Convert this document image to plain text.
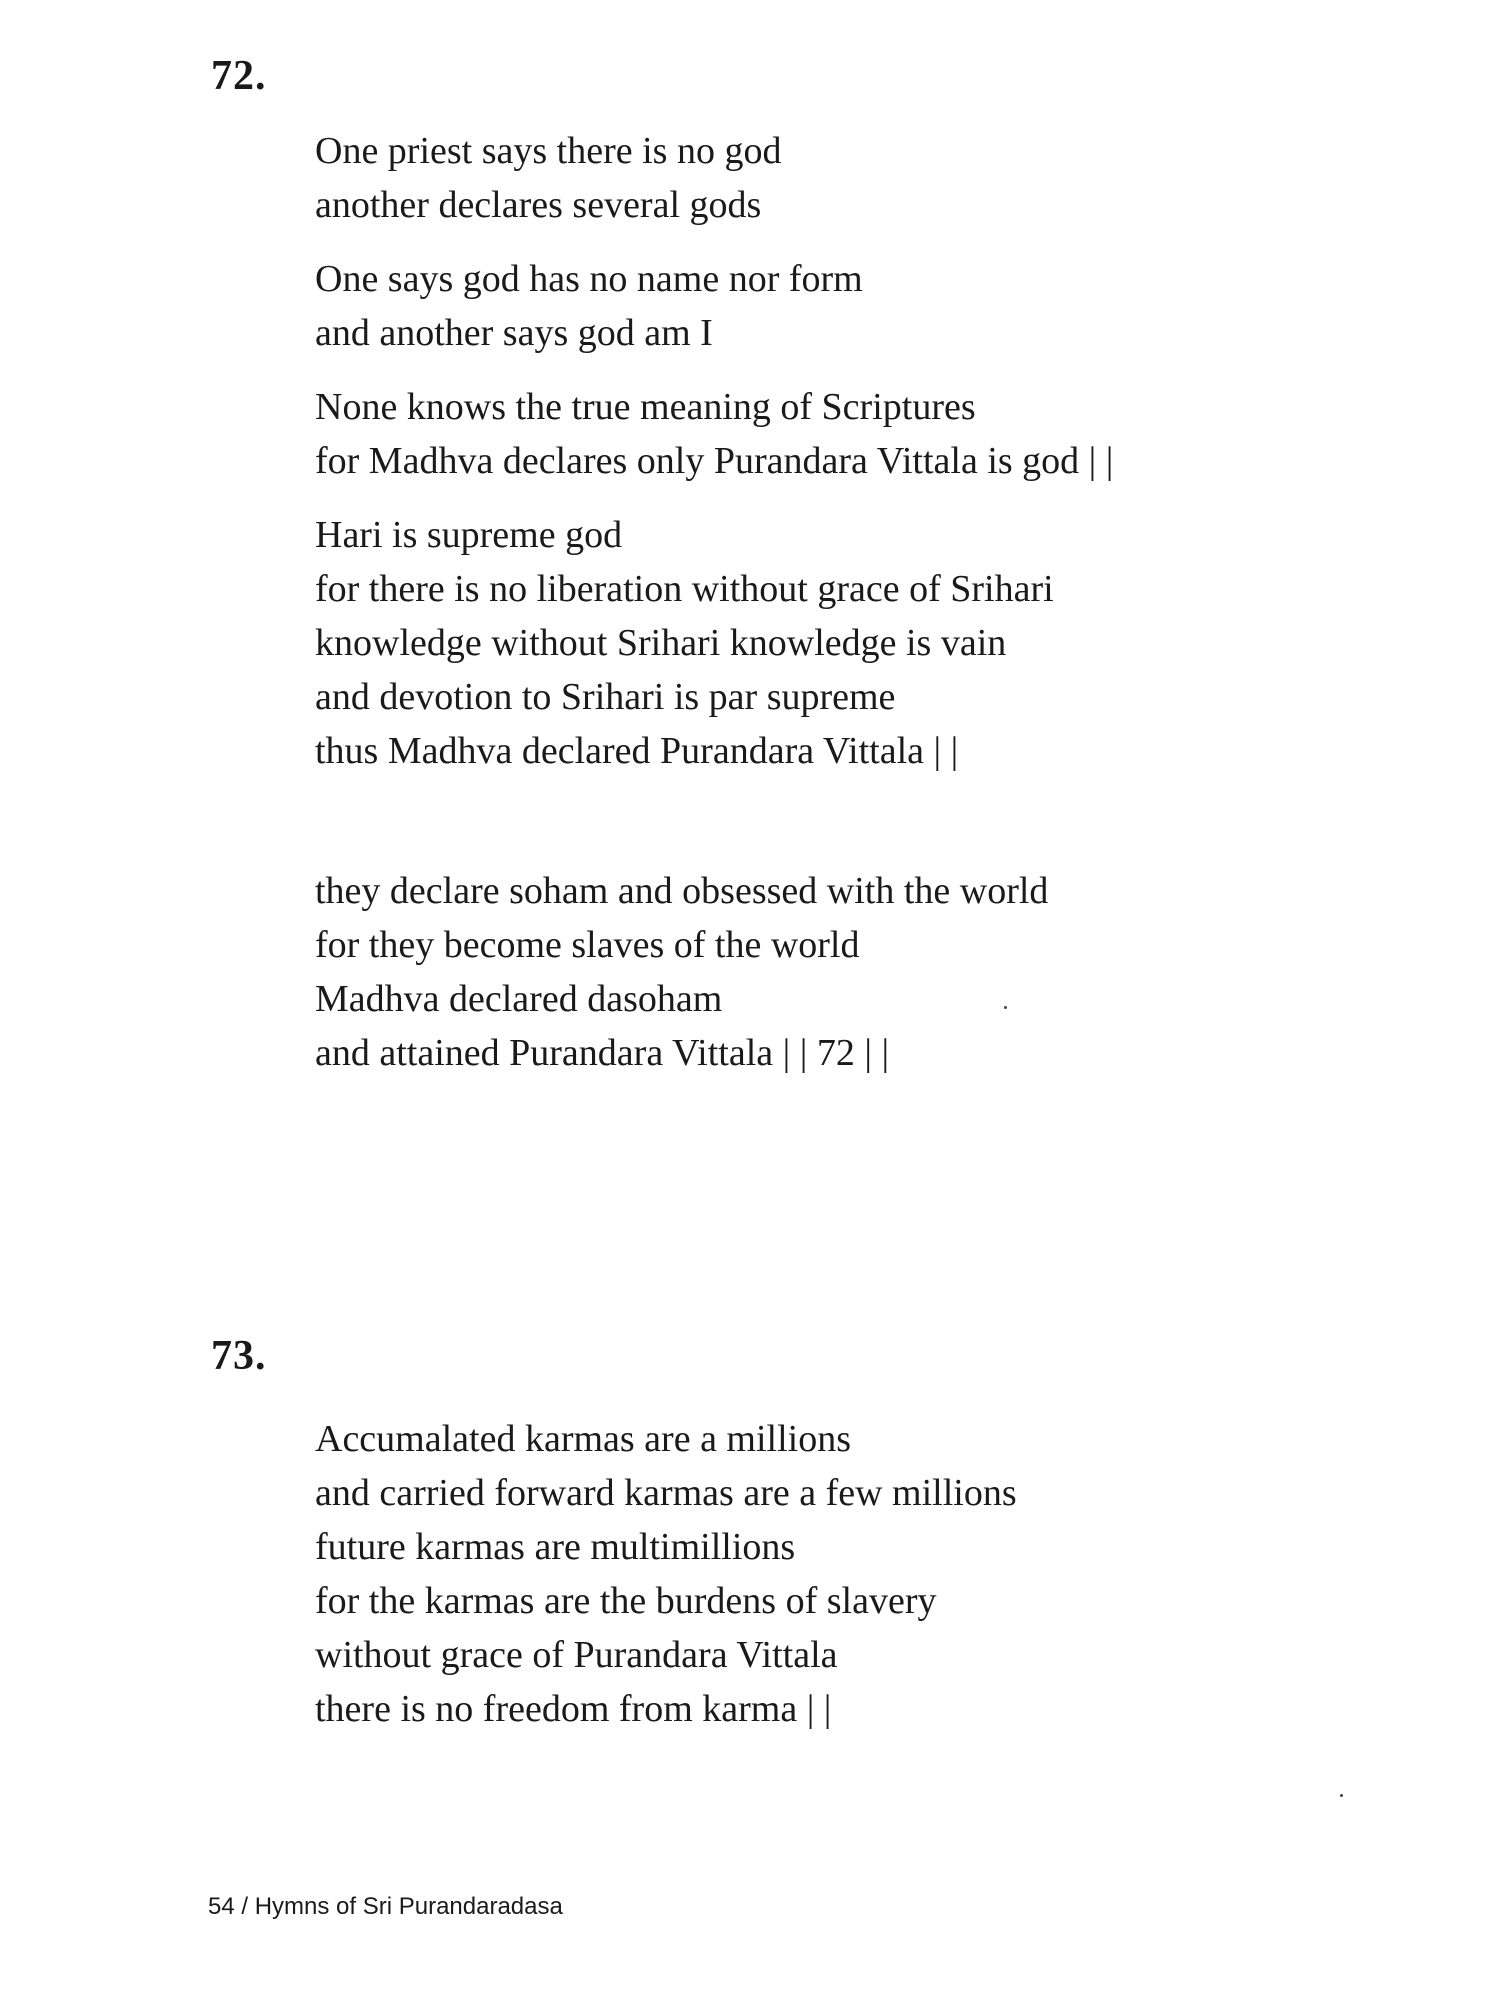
72.
One priest says there is no god
another declares several gods
One says god has no name nor form
and another says god am I
None knows the true meaning of Scriptures
for Madhva declares only Purandara Vittala is god | |
Hari is supreme god
for there is no liberation without grace of Srihari
knowledge without Srihari knowledge is vain
and devotion to Srihari is par supreme
thus Madhva declared Purandara Vittala | |
they declare soham and obsessed with the world
for they become slaves of the world
Madhva declared dasoham
and attained Purandara Vittala | | 72 | |
73.
Accumalated karmas are a millions
and carried forward karmas are a few millions
future karmas are multimillions
for the karmas are the burdens of slavery
without grace of Purandara Vittala
there is no freedom from karma | |

54 / Hymns of Sri Purandaradasa
